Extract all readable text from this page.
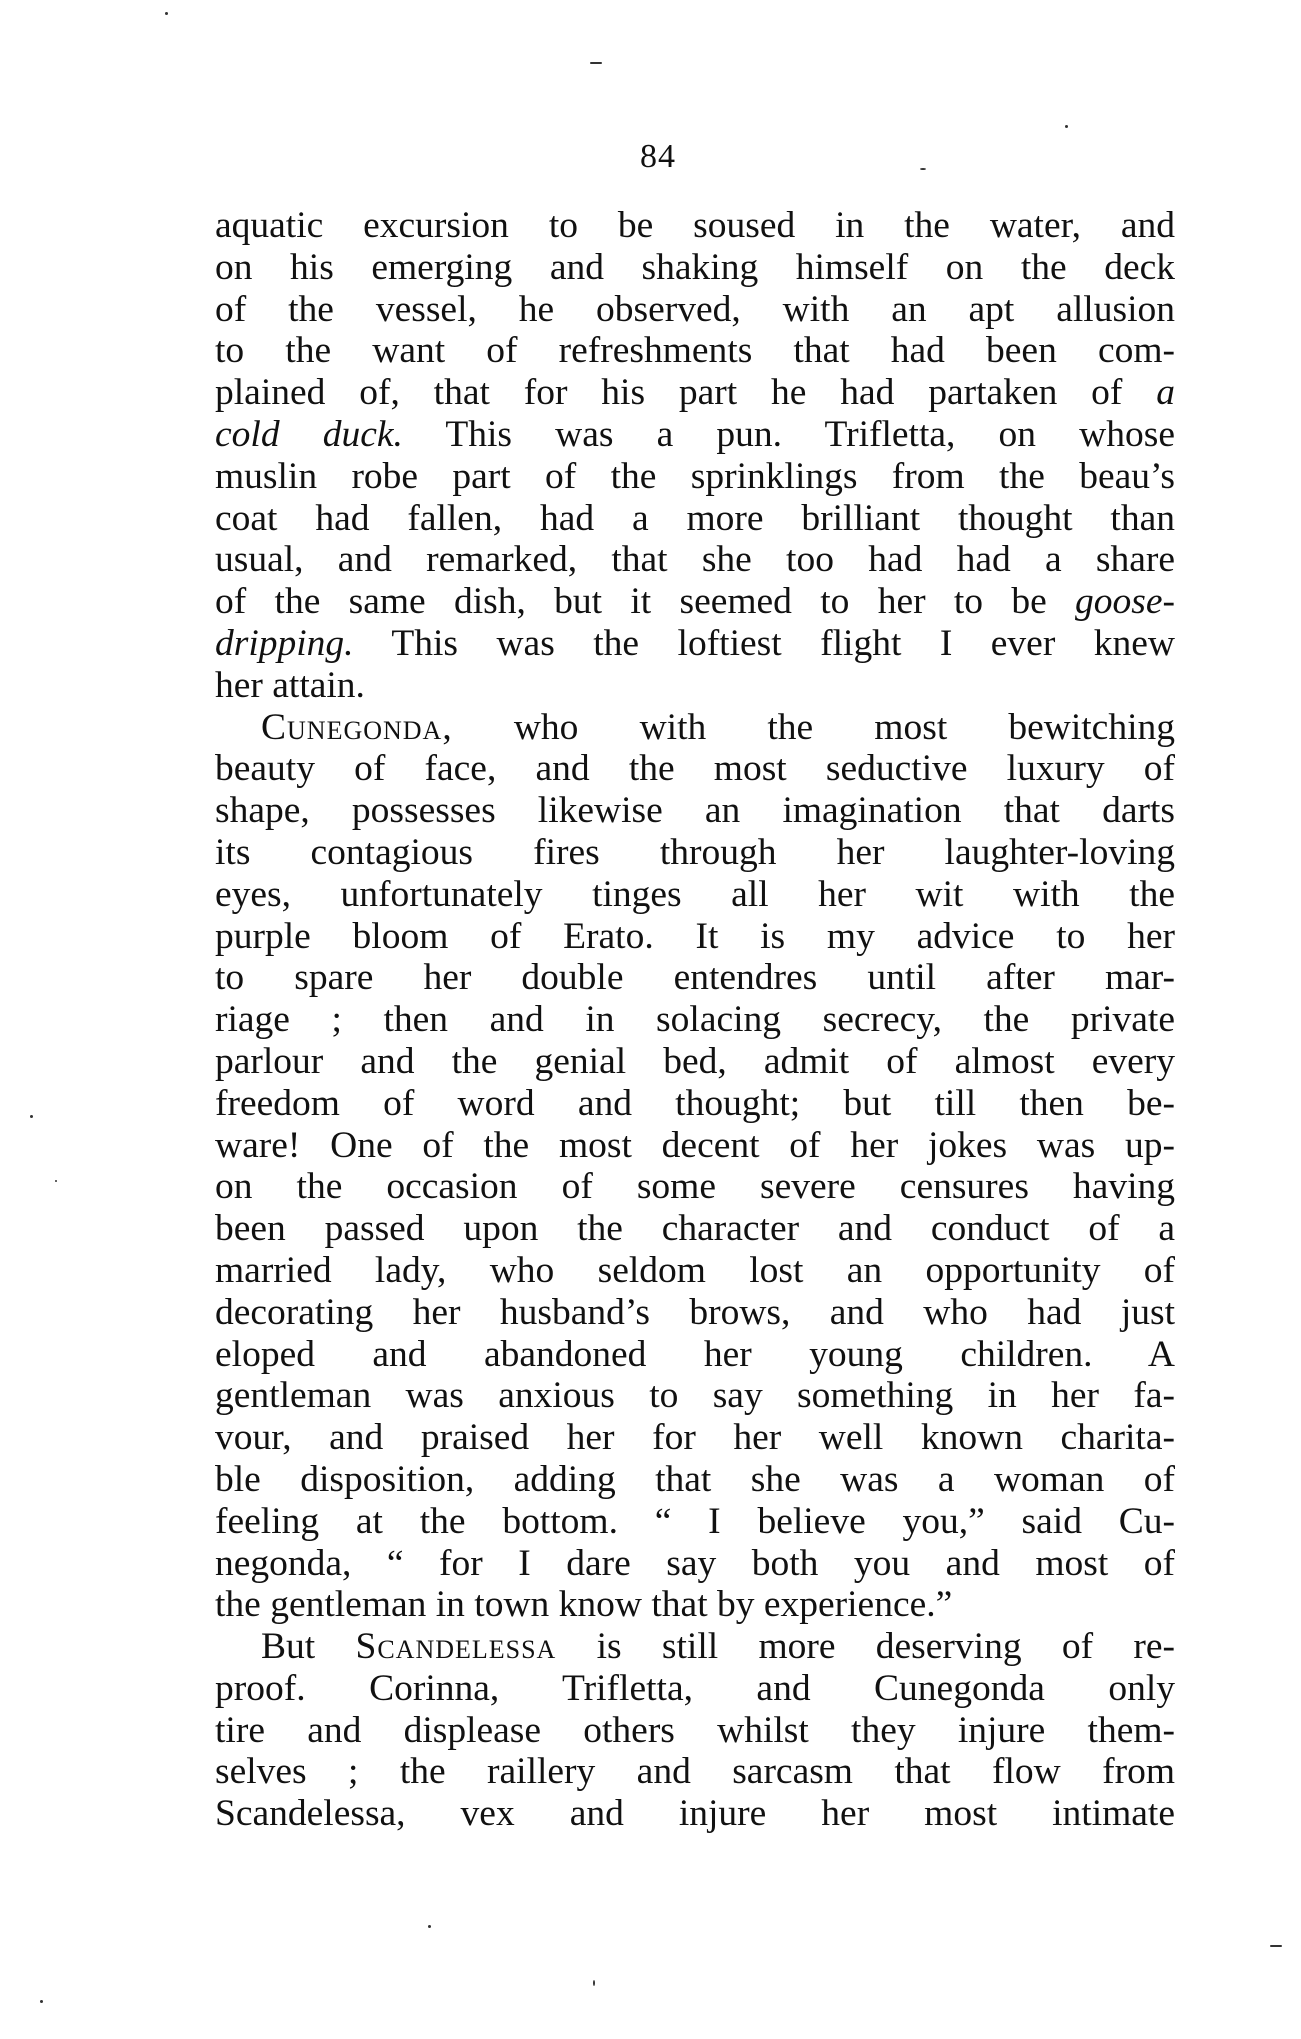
84
aquatic excursion to be soused in the water, and
on his emerging and shaking himself on the deck
of the vessel, he observed, with an apt allusion
to the want of refreshments that had been com-
plained of, that for his part he had partaken of a
cold duck. This was a pun. Trifletta, on whose
muslin robe part of the sprinklings from the beau’s
coat had fallen, had a more brilliant thought than
usual, and remarked, that she too had had a share
of the same dish, but it seemed to her to be goose-
dripping. This was the loftiest flight I ever knew
her attain.
Cunegonda, who with the most bewitching
beauty of face, and the most seductive luxury of
shape, possesses likewise an imagination that darts
its contagious fires through her laughter-loving
eyes, unfortunately tinges all her wit with the
purple bloom of Erato. It is my advice to her
to spare her double entendres until after mar-
riage ; then and in solacing secrecy, the private
parlour and the genial bed, admit of almost every
freedom of word and thought; but till then be-
ware! One of the most decent of her jokes was up-
on the occasion of some severe censures having
been passed upon the character and conduct of a
married lady, who seldom lost an opportunity of
decorating her husband’s brows, and who had just
eloped and abandoned her young children. A
gentleman was anxious to say something in her fa-
vour, and praised her for her well known charita-
ble disposition, adding that she was a woman of
feeling at the bottom. “ I believe you,” said Cu-
negonda, “ for I dare say both you and most of
the gentleman in town know that by experience.”
But Scandelessa is still more deserving of re-
proof. Corinna, Trifletta, and Cunegonda only
tire and displease others whilst they injure them-
selves ; the raillery and sarcasm that flow from
Scandelessa, vex and injure her most intimate
